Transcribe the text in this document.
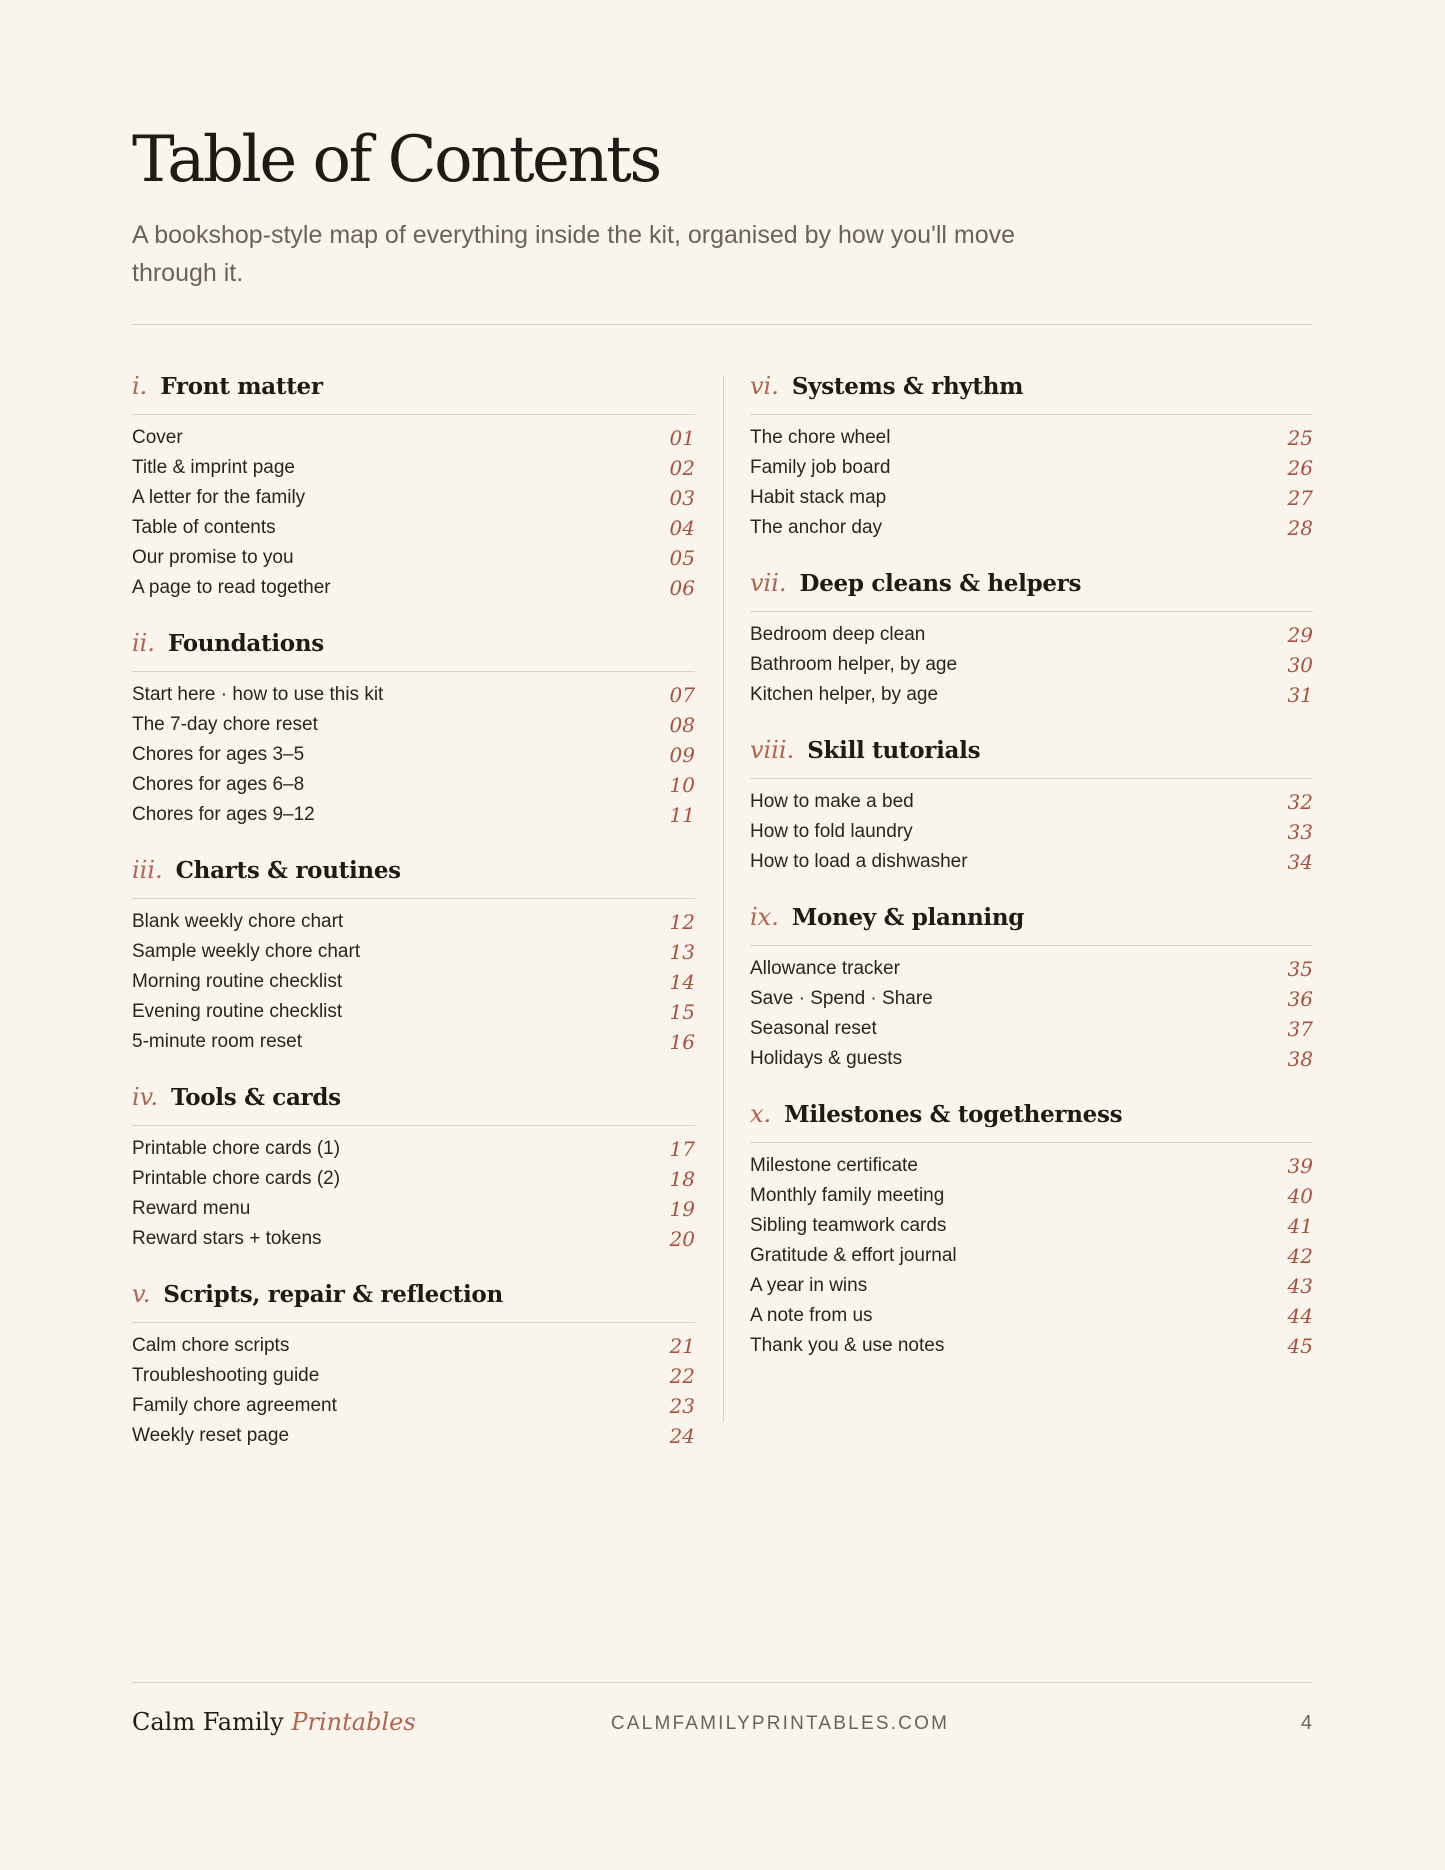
Table of Contents

A bookshop-style map of everything inside the kit, organised by how you'll move through it.

i. Front matter
Cover	01
Title & imprint page	02
A letter for the family	03
Table of contents	04
Our promise to you	05
A page to read together	06
ii. Foundations
Start here · how to use this kit	07
The 7-day chore reset	08
Chores for ages 3–5	09
Chores for ages 6–8	10
Chores for ages 9–12	11
iii. Charts & routines
Blank weekly chore chart	12
Sample weekly chore chart	13
Morning routine checklist	14
Evening routine checklist	15
5-minute room reset	16
iv. Tools & cards
Printable chore cards (1)	17
Printable chore cards (2)	18
Reward menu	19
Reward stars + tokens	20
v. Scripts, repair & reflection
Calm chore scripts	21
Troubleshooting guide	22
Family chore agreement	23
Weekly reset page	24
vi. Systems & rhythm
The chore wheel	25
Family job board	26
Habit stack map	27
The anchor day	28
vii. Deep cleans & helpers
Bedroom deep clean	29
Bathroom helper, by age	30
Kitchen helper, by age	31
viii. Skill tutorials
How to make a bed	32
How to fold laundry	33
How to load a dishwasher	34
ix. Money & planning
Allowance tracker	35
Save · Spend · Share	36
Seasonal reset	37
Holidays & guests	38
x. Milestones & togetherness
Milestone certificate	39
Monthly family meeting	40
Sibling teamwork cards	41
Gratitude & effort journal	42
A year in wins	43
A note from us	44
Thank you & use notes	45
Calm Family Printables	CALMFAMILYPRINTABLES.COM	4
